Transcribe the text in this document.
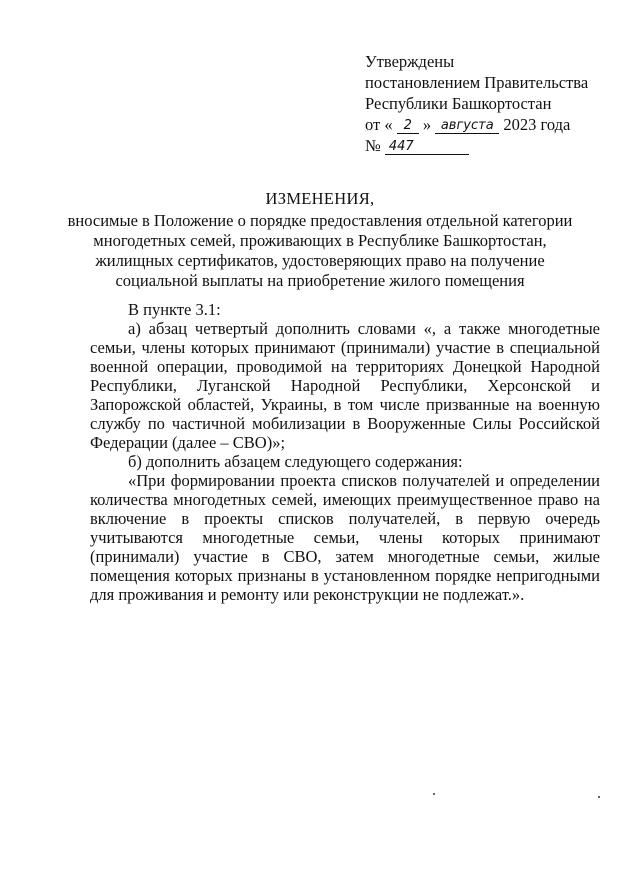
Утверждены
постановлением Правительства
Республики Башкортостан
от « 2 » августа 2023 года
№ 447
ИЗМЕНЕНИЯ,
вносимые в Положение о порядке предоставления отдельной категории
многодетных семей, проживающих в Республике Башкортостан,
жилищных сертификатов, удостоверяющих право на получение
социальной выплаты на приобретение жилого помещения

В пункте 3.1:

а) абзац четвертый дополнить словами «, а также многодетные семьи, члены которых принимают (принимали) участие в специальной военной операции, проводимой на территориях Донецкой Народной Республики, Луганской Народной Республики, Херсонской и Запорожской областей, Украины, в том числе призванные на военную службу по частичной мобилизации в Вооруженные Силы Российской Федерации (далее – СВО)»;

б) дополнить абзацем следующего содержания:

«При формировании проекта списков получателей и определении количества многодетных семей, имеющих преимущественное право на включение в проекты списков получателей, в первую очередь учитываются многодетные семьи, члены которых принимают (принимали) участие в СВО, затем многодетные семьи, жилые помещения которых признаны в установленном порядке непригодными для проживания и ремонту или реконструкции не подлежат.».
